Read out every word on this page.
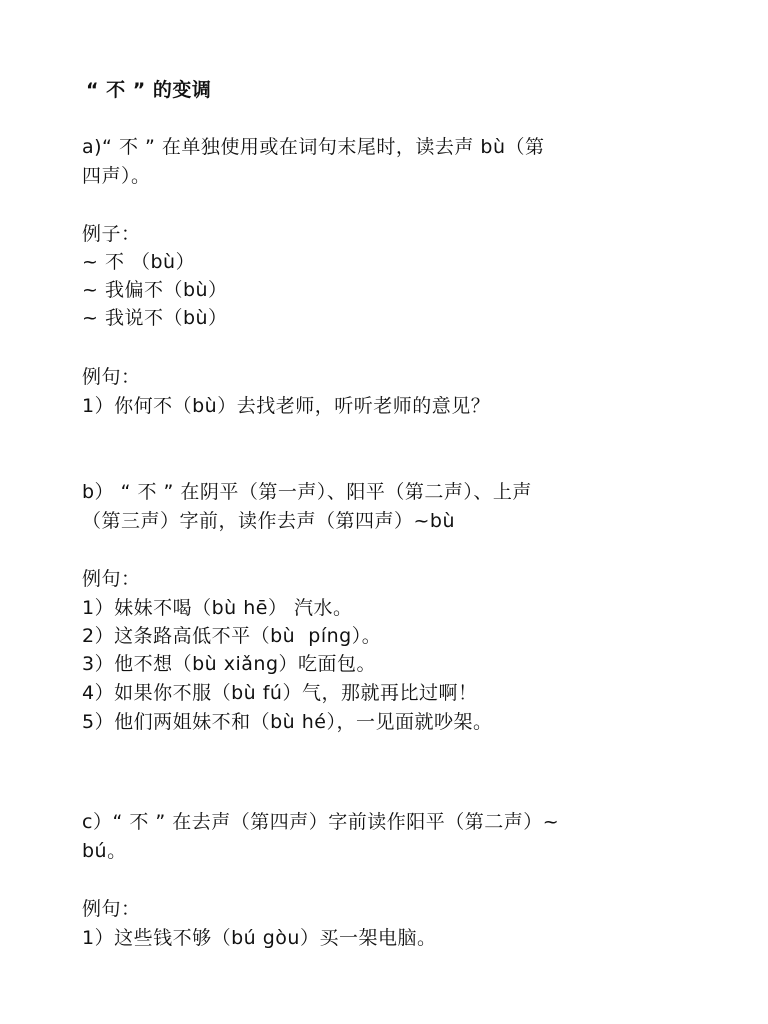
“ 不 ” 的变调
a)“ 不 ” 在单独使用或在词句末尾时，读去声 bù（第
四声）。
例子：
~ 不 （bù）
~ 我偏不（bù）
~ 我说不（bù）
例句：
1）你何不（bù）去找老师，听听老师的意见？
b） “ 不 ” 在阴平（第一声）、阳平（第二声）、上声
（第三声）字前，读作去声（第四声）~bù
例句：
1）妹妹不喝（bù hē） 汽水。
2）这条路高低不平（bù  píng）。
3）他不想（bù xiǎng）吃面包。
4）如果你不服（bù fú）气，那就再比过啊！
5）他们两姐妹不和（bù hé），一见面就吵架。
c）“ 不 ” 在去声（第四声）字前读作阳平（第二声）~
bú。
例句：
1）这些钱不够（bú gòu）买一架电脑。
